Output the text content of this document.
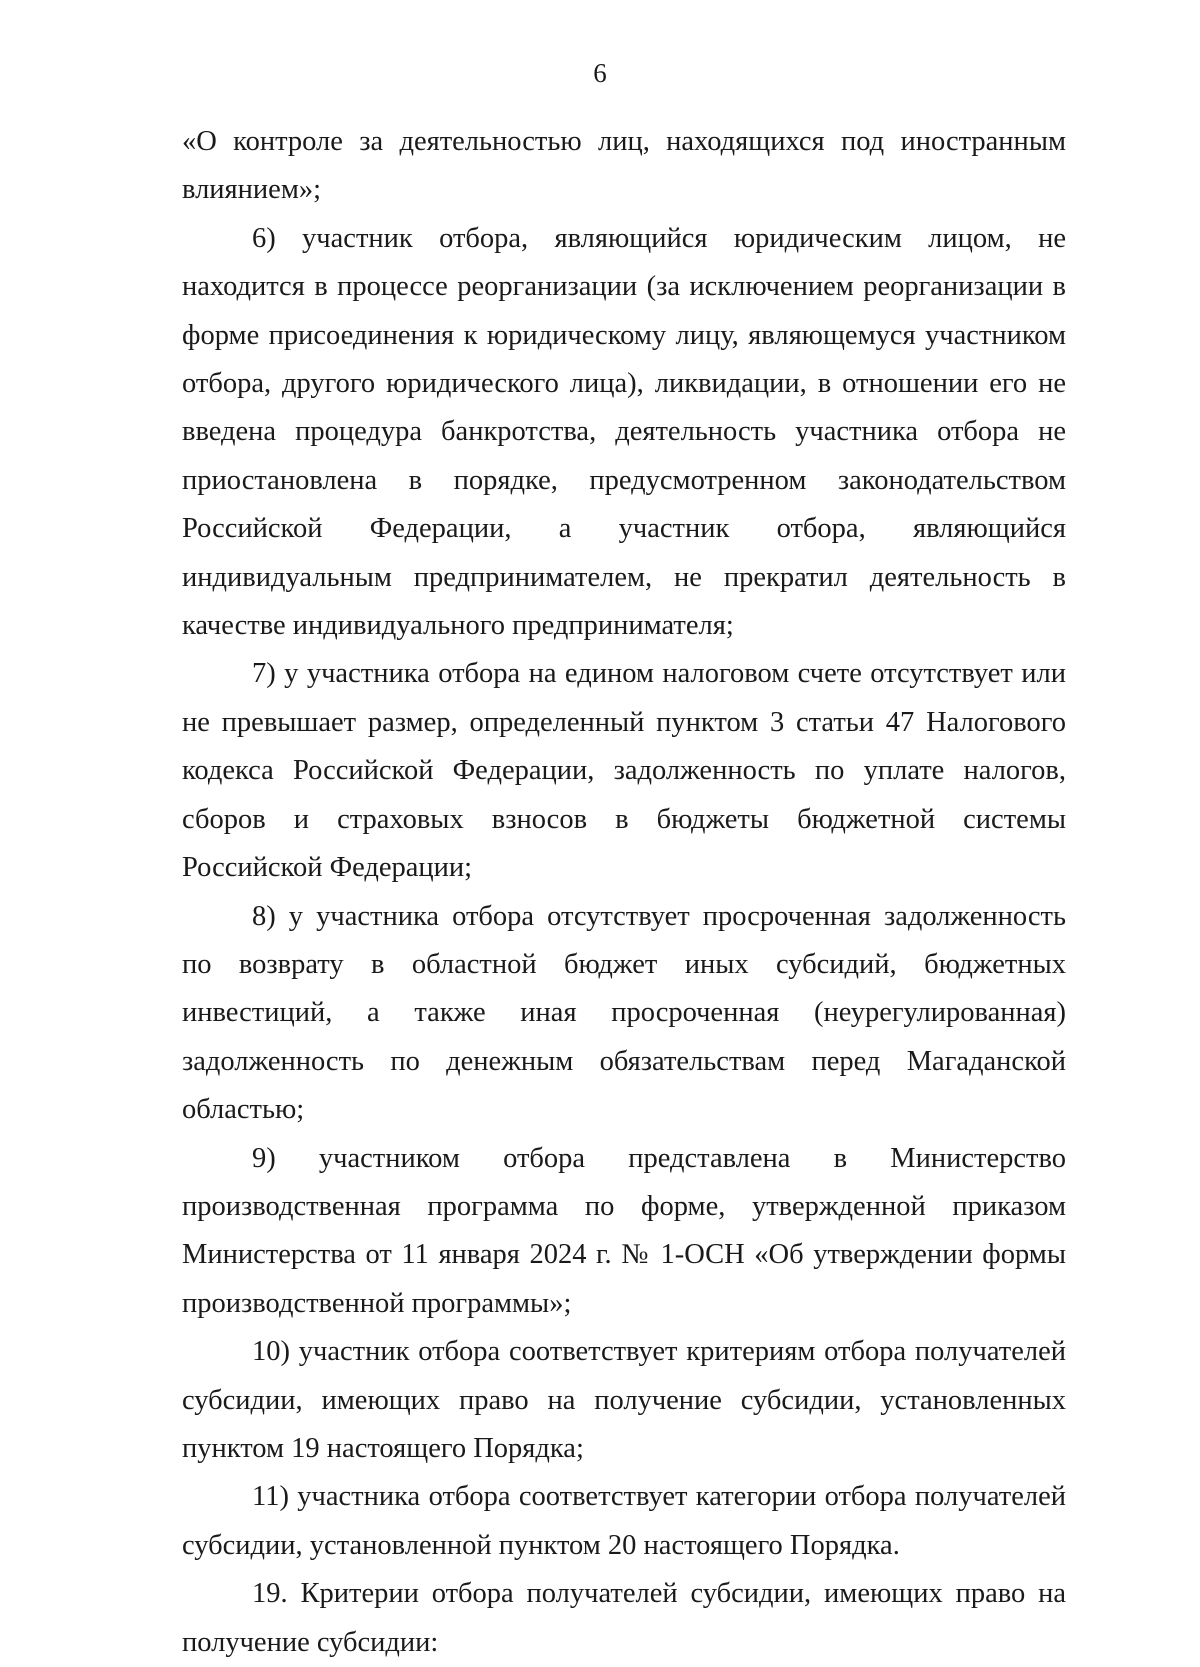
6

«О контроле за деятельностью лиц, находящихся под иностранным влиянием»;

6) участник отбора, являющийся юридическим лицом, не находится в процессе реорганизации (за исключением реорганизации в форме присоединения к юридическому лицу, являющемуся участником отбора, другого юридического лица), ликвидации, в отношении его не введена процедура банкротства, деятельность участника отбора не приостановлена в порядке, предусмотренном законодательством Российской Федерации, а участник отбора, являющийся индивидуальным предпринимателем, не прекратил деятельность в качестве индивидуального предпринимателя;

7) у участника отбора на едином налоговом счете отсутствует или не превышает размер, определенный пунктом 3 статьи 47 Налогового кодекса Российской Федерации, задолженность по уплате налогов, сборов и страховых взносов в бюджеты бюджетной системы Российской Федерации;

8) у участника отбора отсутствует просроченная задолженность по возврату в областной бюджет иных субсидий, бюджетных инвестиций, а также иная просроченная (неурегулированная) задолженность по денежным обязательствам перед Магаданской областью;

9) участником отбора представлена в Министерство производственная программа по форме, утвержденной приказом Министерства от 11 января 2024 г. № 1-ОСН «Об утверждении формы производственной программы»;

10) участник отбора соответствует критериям отбора получателей субсидии, имеющих право на получение субсидии, установленных пунктом 19 настоящего Порядка;

11) участника отбора соответствует категории отбора получателей субсидии, установленной пунктом 20 настоящего Порядка.

19. Критерии отбора получателей субсидии, имеющих право на получение субсидии:
